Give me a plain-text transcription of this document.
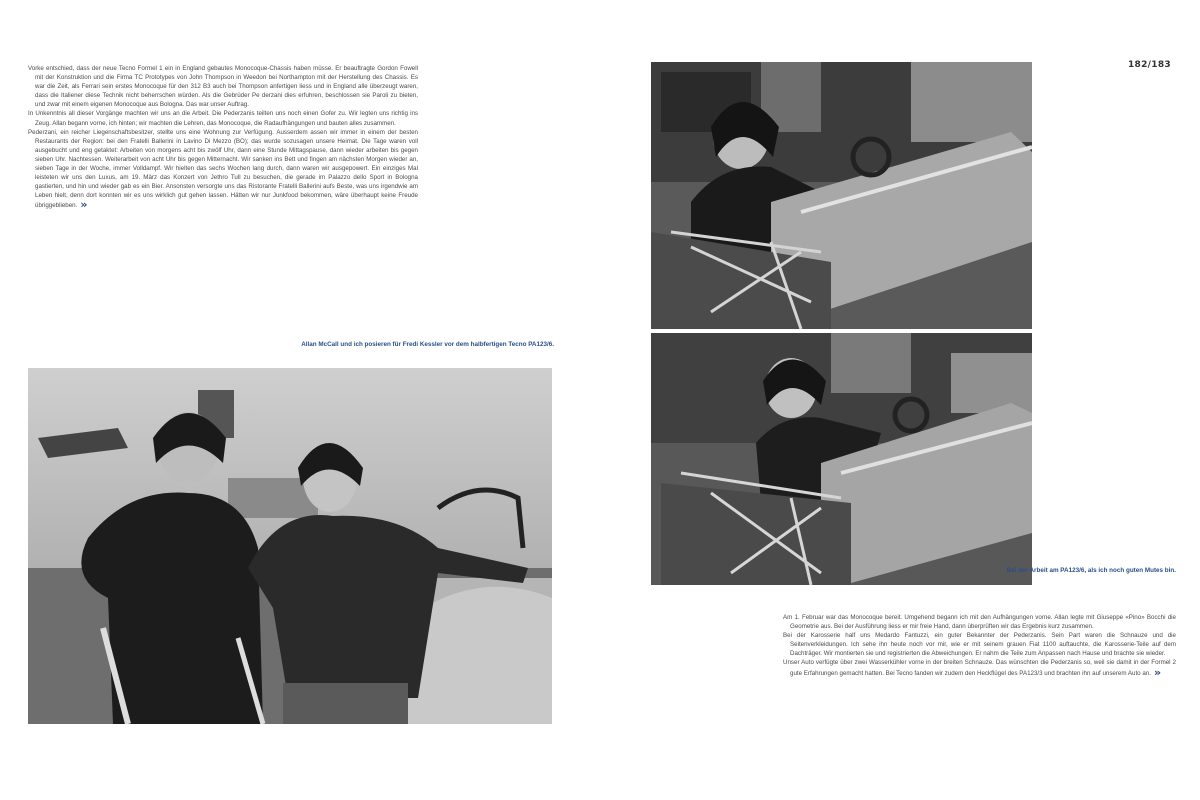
182/183

Vorke entschied, dass der neue Tecno Formel 1 ein in England gebautes Monocoque-Chassis haben müsse. Er beauftragte Gordon Fowell mit der Konstruktion und die Firma TC Prototypes von John Thompson in Weedon bei Northampton mit der Herstellung des Chassis. Es war die Zeit, als Ferrari sein erstes Monocoque für den 312 B3 auch bei Thompson anfertigen liess und in England alle überzeugt waren, dass die Italiener diese Technik nicht beherrschen würden. Als die Gebrüder Pe derzani dies erfuhren, beschlossen sie Paroli zu bieten, und zwar mit einem eigenen Monocoque aus Bologna. Das war unser Auftrag.

In Unkenntnis all dieser Vorgänge machten wir uns an die Arbeit. Die Pederzanis teilten uns noch einen Gofer zu. Wir legten uns richtig ins Zeug. Allan begann vorne, ich hinten; wir machten die Lehren, das Monocoque, die Radaufhängungen und bauten alles zusammen.

Pederzani, ein reicher Liegenschaftsbesitzer, stellte uns eine Wohnung zur Verfügung. Ausserdem assen wir immer in einem der besten Restaurants der Region: bei den Fratelli Ballerini in Lavino Di Mezzo (BO); das wurde sozusagen unsere Heimat. Die Tage waren voll ausgebucht und eng getaktet: Arbeiten von morgens acht bis zwölf Uhr, dann eine Stunde Mittagspause, dann wieder arbeiten bis gegen sieben Uhr. Nachtessen. Weiterarbeit von acht Uhr bis gegen Mitternacht. Wir sanken ins Bett und fingen am nächsten Morgen wieder an, sieben Tage in der Woche, immer Volldampf. Wir hielten das sechs Wochen lang durch, dann waren wir ausgepowert. Ein einziges Mal leisteten wir uns den Luxus, am 19. März das Konzert von Jethro Tull zu besuchen, die gerade im Palazzo dello Sport in Bologna gastierten, und hin und wieder gab es ein Bier. Ansonsten versorgte uns das Ristorante Fratelli Ballerini aufs Beste, was uns irgendwie am Leben hielt, denn dort konnten wir es uns wirklich gut gehen lassen. Hätten wir nur Junkfood bekommen, wäre überhaupt keine Freude übriggeblieben. »

Allan McCall und ich posieren für Fredi Kessler vor dem halbfertigen Tecno PA123/6.
Bei der Arbeit am PA123/6, als ich noch guten Mutes bin.

Am 1. Februar war das Monocoque bereit. Umgehend begann ich mit den Aufhängungen vorne. Allan legte mit Giuseppe «Pino» Bocchi die Geometrie aus. Bei der Ausführung liess er mir freie Hand, dann überprüften wir das Ergebnis kurz zusammen.

Bei der Karosserie half uns Medardo Fantuzzi, ein guter Bekannter der Pederzanis. Sein Part waren die Schnauze und die Seitenverkleidungen. Ich sehe ihn heute noch vor mir, wie er mit seinem grauen Fiat 1100 auftauchte, die Karosserie-Teile auf dem Dachträger. Wir montierten sie und registrierten die Abweichungen. Er nahm die Teile zum Anpassen nach Hause und brachte sie wieder.

Unser Auto verfügte über zwei Wasserkühler vorne in der breiten Schnauze. Das wünschten die Pederzanis so, weil sie damit in der Formel 2 gute Erfahrungen gemacht hatten. Bei Tecno fanden wir zudem den Heckflügel des PA123/3 und brachten ihn auf unserem Auto an. »
